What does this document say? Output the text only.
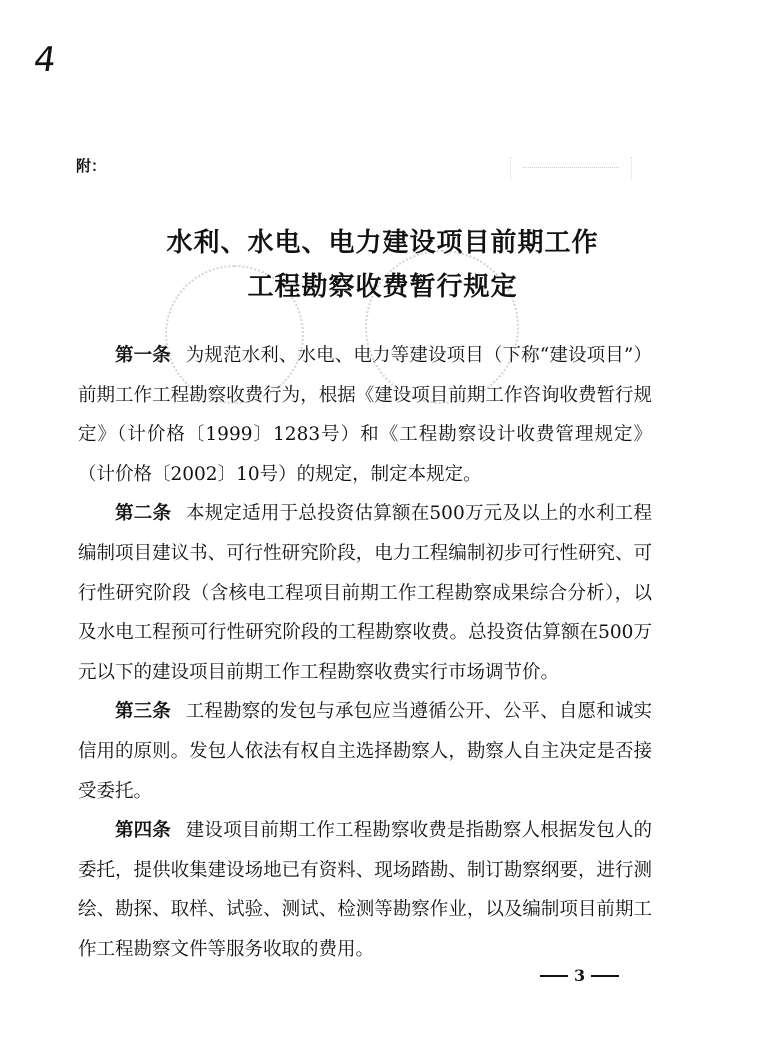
4
附：
水利、水电、电力建设项目前期工作
工程勘察收费暂行规定

第一条 为规范水利、水电、电力等建设项目（下称“建设项目”）前期工作工程勘察收费行为，根据《建设项目前期工作咨询收费暂行规定》（计价格〔1999〕1283号）和《工程勘察设计收费管理规定》（计价格〔2002〕10号）的规定，制定本规定。

第二条 本规定适用于总投资估算额在500万元及以上的水利工程编制项目建议书、可行性研究阶段，电力工程编制初步可行性研究、可行性研究阶段（含核电工程项目前期工作工程勘察成果综合分析），以及水电工程预可行性研究阶段的工程勘察收费。总投资估算额在500万元以下的建设项目前期工作工程勘察收费实行市场调节价。

第三条 工程勘察的发包与承包应当遵循公开、公平、自愿和诚实信用的原则。发包人依法有权自主选择勘察人，勘察人自主决定是否接受委托。

第四条 建设项目前期工作工程勘察收费是指勘察人根据发包人的委托，提供收集建设场地已有资料、现场踏勘、制订勘察纲要，进行测绘、勘探、取样、试验、测试、检测等勘察作业，以及编制项目前期工作工程勘察文件等服务收取的费用。

3
